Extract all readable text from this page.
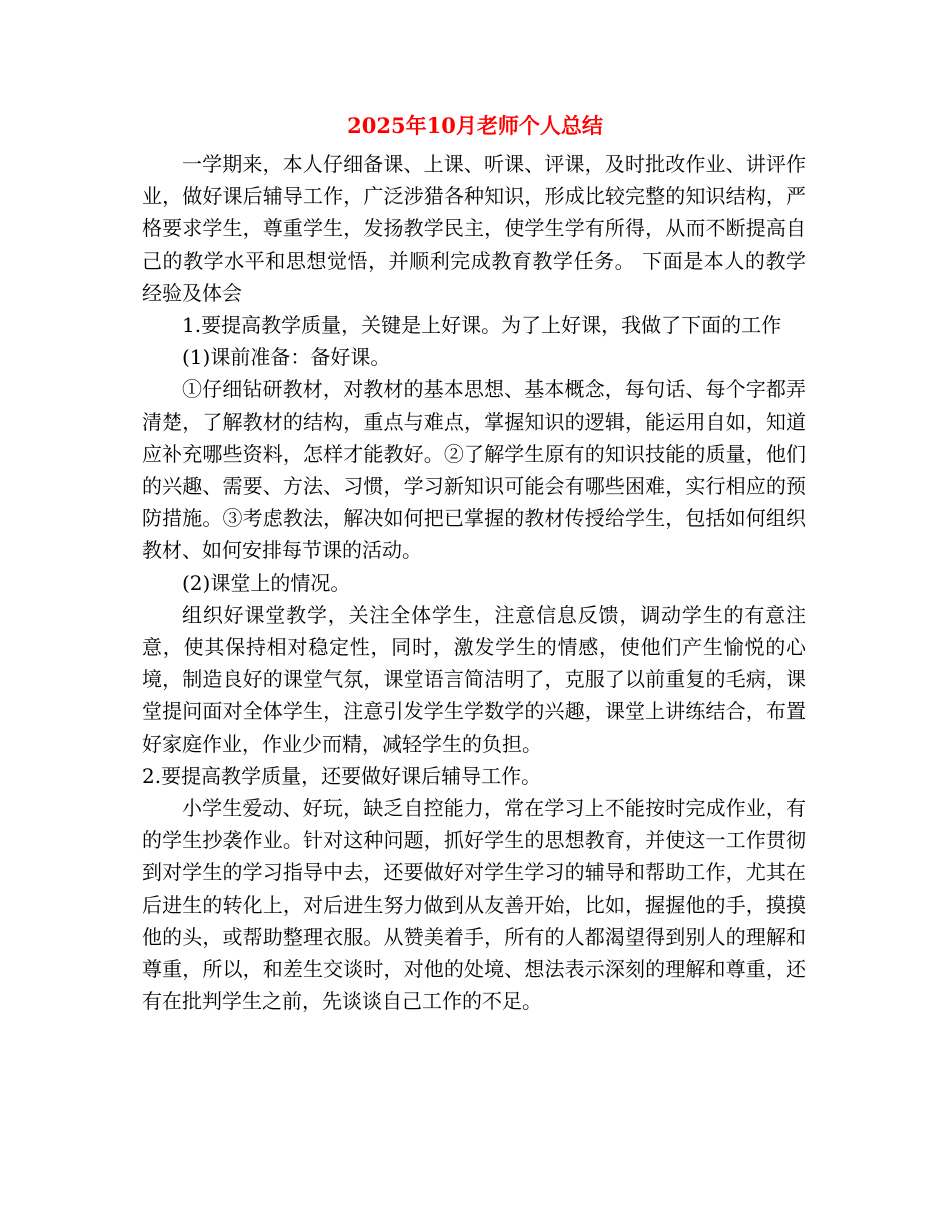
2025年10月老师个人总结

一学期来，本人仔细备课、上课、听课、评课，及时批改作业、讲评作业，做好课后辅导工作，广泛涉猎各种知识，形成比较完整的知识结构，严格要求学生，尊重学生，发扬教学民主，使学生学有所得，从而不断提高自己的教学水平和思想觉悟，并顺利完成教育教学任务。 下面是本人的教学经验及体会

1.要提高教学质量，关键是上好课。为了上好课，我做了下面的工作

(1)课前准备：备好课。

①仔细钻研教材，对教材的基本思想、基本概念，每句话、每个字都弄清楚，了解教材的结构，重点与难点，掌握知识的逻辑，能运用自如，知道应补充哪些资料，怎样才能教好。②了解学生原有的知识技能的质量，他们的兴趣、需要、方法、习惯，学习新知识可能会有哪些困难，实行相应的预防措施。③考虑教法，解决如何把已掌握的教材传授给学生，包括如何组织教材、如何安排每节课的活动。

(2)课堂上的情况。

组织好课堂教学，关注全体学生，注意信息反馈，调动学生的有意注意，使其保持相对稳定性，同时，激发学生的情感，使他们产生愉悦的心境，制造良好的课堂气氛，课堂语言简洁明了，克服了以前重复的毛病，课堂提问面对全体学生，注意引发学生学数学的兴趣，课堂上讲练结合，布置好家庭作业，作业少而精，减轻学生的负担。

2.要提高教学质量，还要做好课后辅导工作。

小学生爱动、好玩，缺乏自控能力，常在学习上不能按时完成作业，有的学生抄袭作业。针对这种问题，抓好学生的思想教育，并使这一工作贯彻到对学生的学习指导中去，还要做好对学生学习的辅导和帮助工作，尤其在后进生的转化上，对后进生努力做到从友善开始，比如，握握他的手，摸摸他的头，或帮助整理衣服。从赞美着手，所有的人都渴望得到别人的理解和尊重，所以，和差生交谈时，对他的处境、想法表示深刻的理解和尊重，还有在批判学生之前，先谈谈自己工作的不足。
